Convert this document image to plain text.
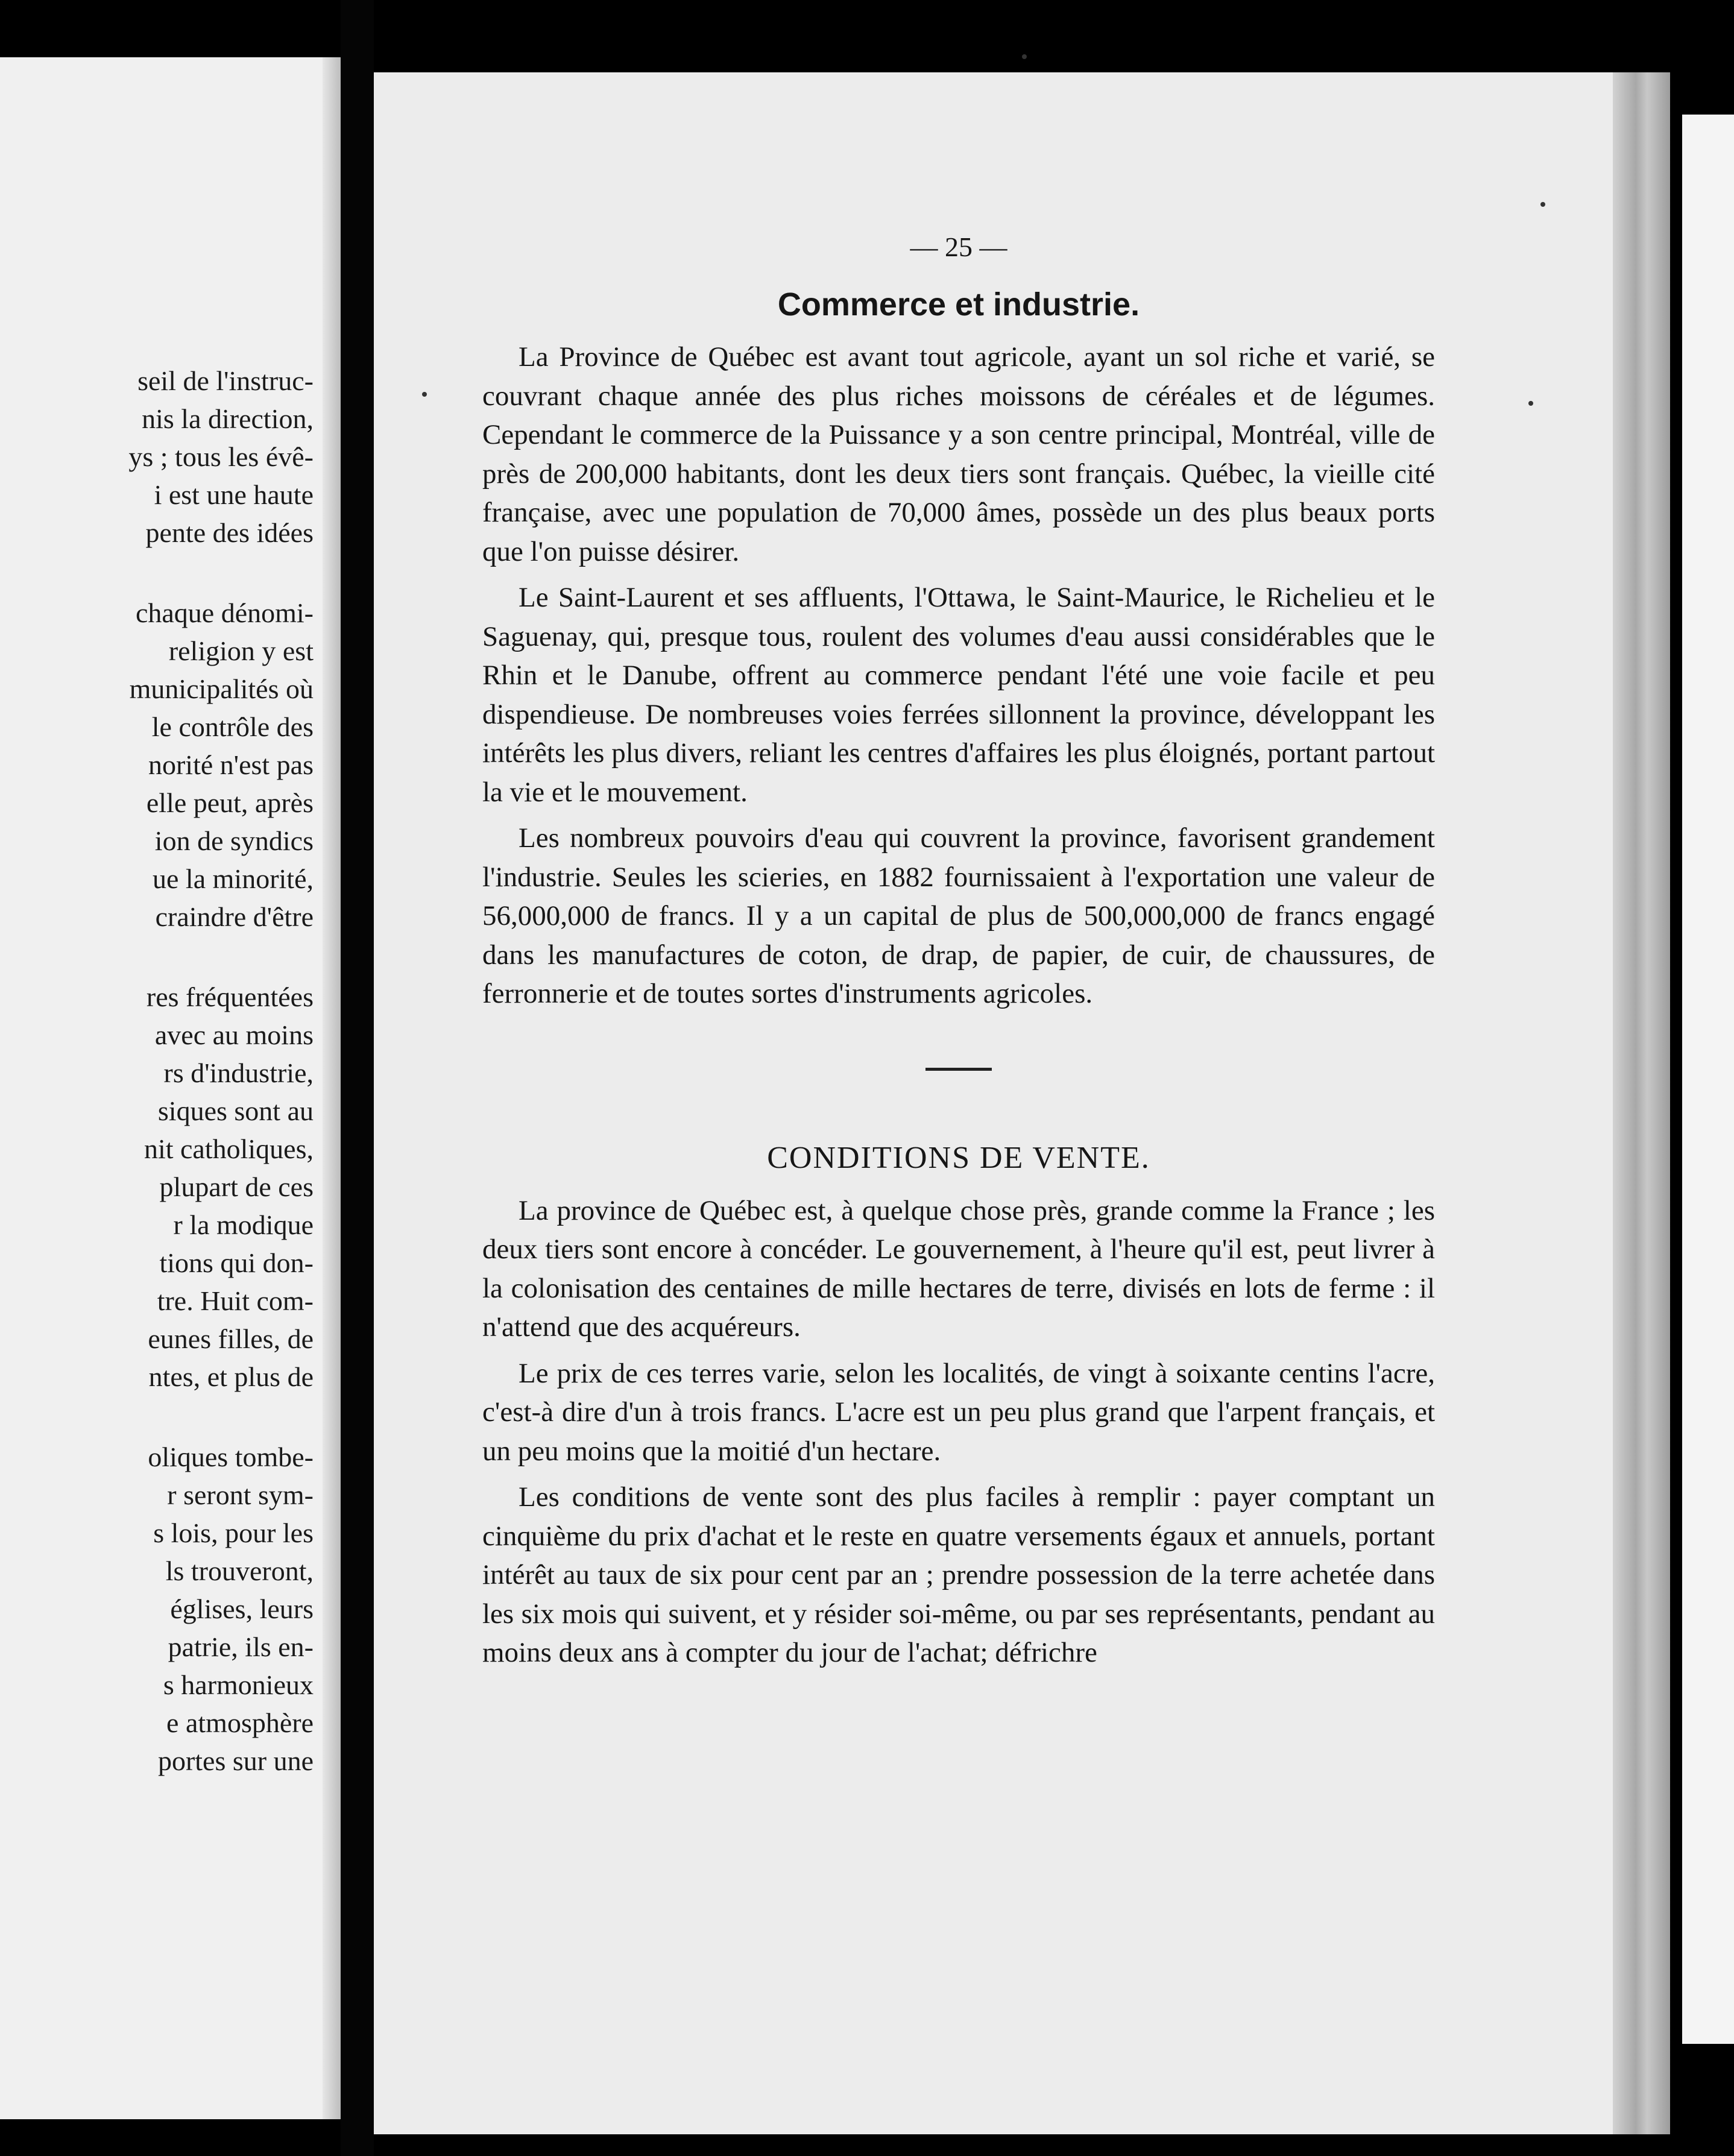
seil de l'instruc-
nis la direction,
ys ; tous les évê-
i est une haute
pente des idées
chaque dénomi-
religion y est
municipalités où
le contrôle des
norité n'est pas
elle peut, après
ion de syndics
ue la minorité,
craindre d'être
res fréquentées
avec au moins
rs d'industrie,
siques sont au
nit catholiques,
plupart de ces
r la modique
tions qui don-
tre. Huit com-
eunes filles, de
ntes, et plus de
oliques tombe-
r seront sym-
s lois, pour les
ls trouveront,
églises, leurs
patrie, ils en-
s harmonieux
e atmosphère
portes sur une
— 25 —
Commerce et industrie.

La Province de Québec est avant tout agricole, ayant un sol riche et varié, se couvrant chaque année des plus riches moissons de céréales et de légumes. Cependant le commerce de la Puissance y a son centre principal, Montréal, ville de près de 200,000 habitants, dont les deux tiers sont français. Québec, la vieille cité française, avec une population de 70,000 âmes, possède un des plus beaux ports que l'on puisse désirer.

Le Saint-Laurent et ses affluents, l'Ottawa, le Saint-Maurice, le Richelieu et le Saguenay, qui, presque tous, roulent des volumes d'eau aussi considérables que le Rhin et le Danube, offrent au commerce pendant l'été une voie facile et peu dispendieuse. De nombreuses voies ferrées sillonnent la province, développant les intérêts les plus divers, reliant les centres d'affaires les plus éloignés, portant partout la vie et le mouvement.

Les nombreux pouvoirs d'eau qui couvrent la province, favorisent grandement l'industrie. Seules les scieries, en 1882 fournissaient à l'exportation une valeur de 56,000,000 de francs. Il y a un capital de plus de 500,000,000 de francs engagé dans les manufactures de coton, de drap, de papier, de cuir, de chaussures, de ferronnerie et de toutes sortes d'instruments agricoles.

CONDITIONS DE VENTE.

La province de Québec est, à quelque chose près, grande comme la France ; les deux tiers sont encore à concéder. Le gouvernement, à l'heure qu'il est, peut livrer à la colonisation des centaines de mille hectares de terre, divisés en lots de ferme : il n'attend que des acquéreurs.

Le prix de ces terres varie, selon les localités, de vingt à soixante centins l'acre, c'est-à dire d'un à trois francs. L'acre est un peu plus grand que l'arpent français, et un peu moins que la moitié d'un hectare.

Les conditions de vente sont des plus faciles à remplir : payer comptant un cinquième du prix d'achat et le reste en quatre versements égaux et annuels, portant intérêt au taux de six pour cent par an ; prendre possession de la terre achetée dans les six mois qui suivent, et y résider soi-même, ou par ses représentants, pendant au moins deux ans à compter du jour de l'achat; défrichre
